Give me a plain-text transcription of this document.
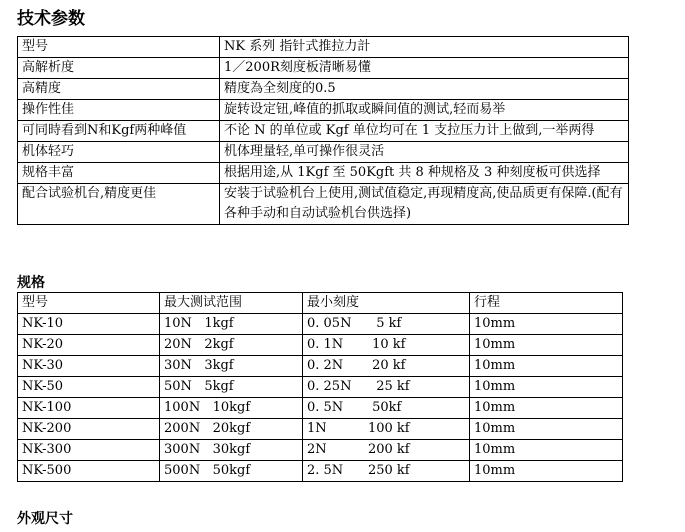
技术参数
型号	NK 系列 指针式推拉力計
高解析度	1／200R刻度板清晰易懂
高精度	精度為全刻度的0.5
操作性佳	旋转设定钮,峰值的抓取或瞬间值的测试,轻而易举
可同時看到N和Kgf两种峰值	不论 N 的单位或 Kgf 单位均可在 1 支拉压力计上做到,一举两得
机体轻巧	机体理量轻,单可操作很灵活
规格丰富	根据用途,从 1Kgf 至 50Kgft 共 8 种规格及 3 种刻度板可供选择
配合试验机台,精度更佳	安装于试验机台上使用,测试值稳定,再现精度高,使品质更有保障.(配有各种手动和自动试验机台供选择)
规格
型号	最大测试范围	最小刻度	行程
NK-10	10N   1kgf	0. 05N      5 kf	10mm
NK-20	20N   2kgf	0. 1N       10 kf	10mm
NK-30	30N   3kgf	0. 2N       20 kf	10mm
NK-50	50N   5kgf	0. 25N      25 kf	10mm
NK-100	100N   10kgf	0. 5N       50kf	10mm
NK-200	200N   20kgf	1N          100 kf	10mm
NK-300	300N   30kgf	2N          200 kf	10mm
NK-500	500N   50kgf	2. 5N      250 kf	10mm
外观尺寸
